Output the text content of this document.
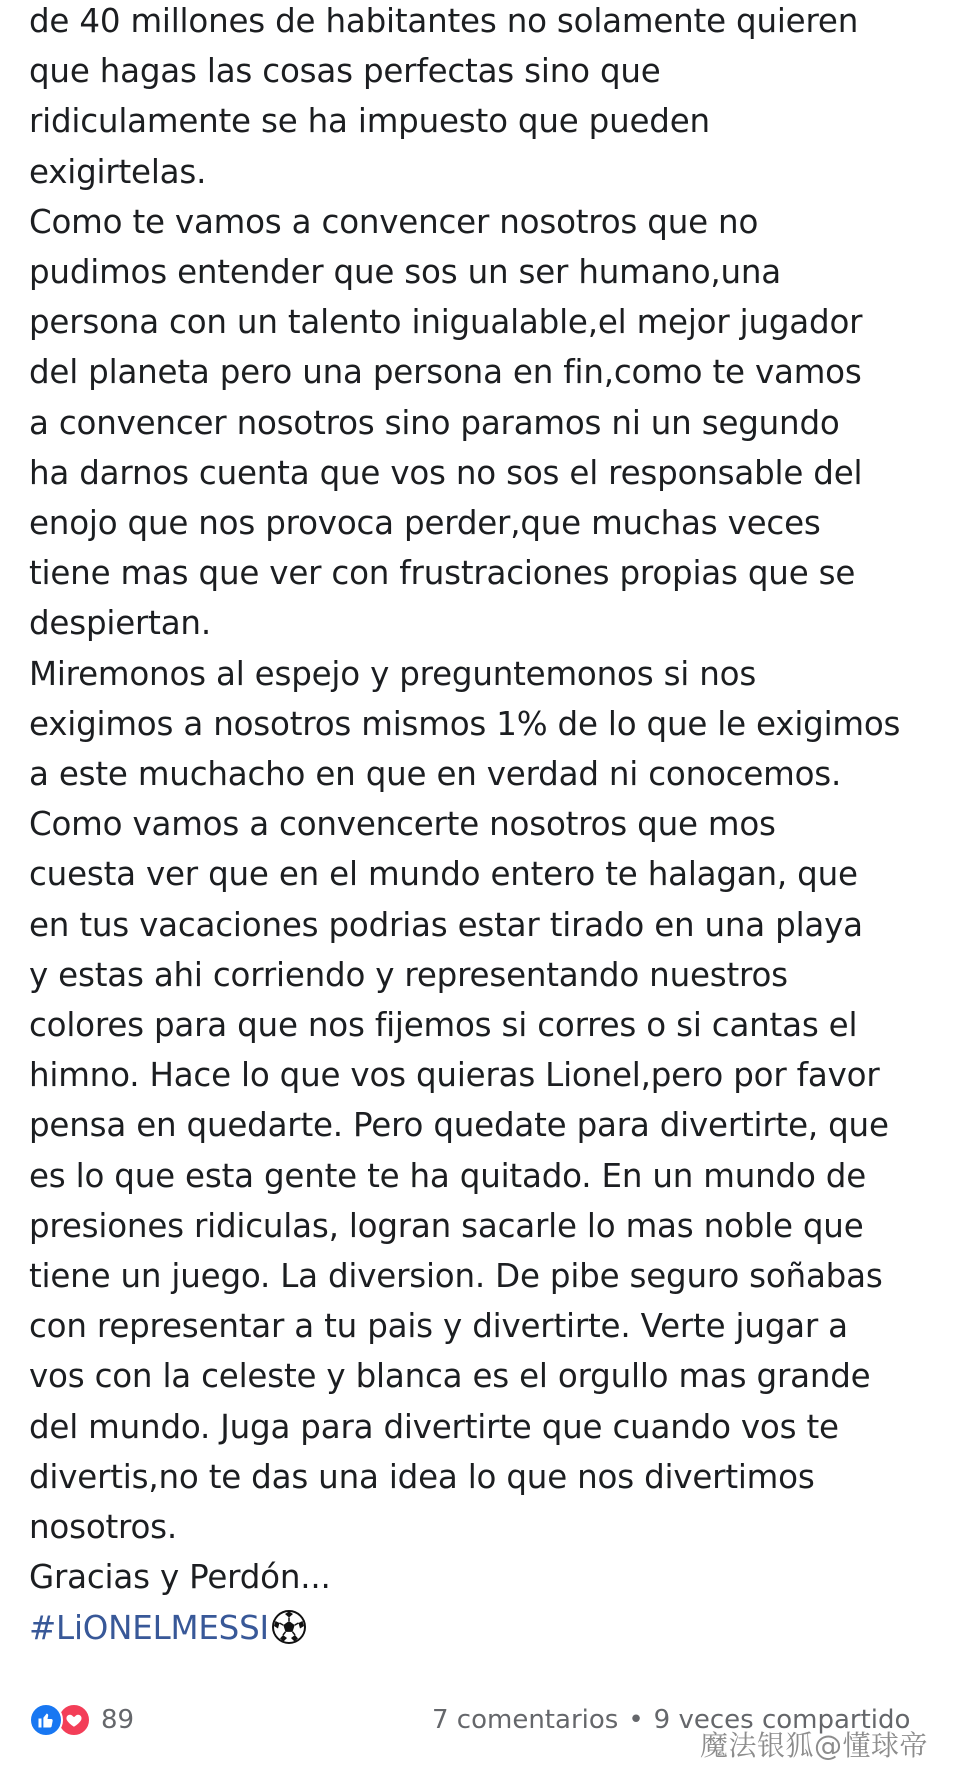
de 40 millones de habitantes no solamente quieren
que hagas las cosas perfectas sino que
ridiculamente se ha impuesto que pueden
exigirtelas.
Como te vamos a convencer nosotros que no
pudimos entender que sos un ser humano,una
persona con un talento inigualable,el mejor jugador
del planeta pero una persona en fin,como te vamos
a convencer nosotros sino paramos ni un segundo
ha darnos cuenta que vos no sos el responsable del
enojo que nos provoca perder,que muchas veces
tiene mas que ver con frustraciones propias que se
despiertan.
Miremonos al espejo y preguntemonos si nos
exigimos a nosotros mismos 1% de lo que le exigimos
a este muchacho en que en verdad ni conocemos.
Como vamos a convencerte nosotros que mos
cuesta ver que en el mundo entero te halagan, que
en tus vacaciones podrias estar tirado en una playa
y estas ahi corriendo y representando nuestros
colores para que nos fijemos si corres o si cantas el
himno. Hace lo que vos quieras Lionel,pero por favor
pensa en quedarte. Pero quedate para divertirte, que
es lo que esta gente te ha quitado. En un mundo de
presiones ridiculas, logran sacarle lo mas noble que
tiene un juego. La diversion. De pibe seguro soñabas
con representar a tu pais y divertirte. Verte jugar a
vos con la celeste y blanca es el orgullo mas grande
del mundo. Juga para divertirte que cuando vos te
divertis,no te das una idea lo que nos divertimos
nosotros.
Gracias y Perdón...
#LiONELMESSI
89	7 comentarios • 9 veces compartido
魔法银狐@懂球帝
